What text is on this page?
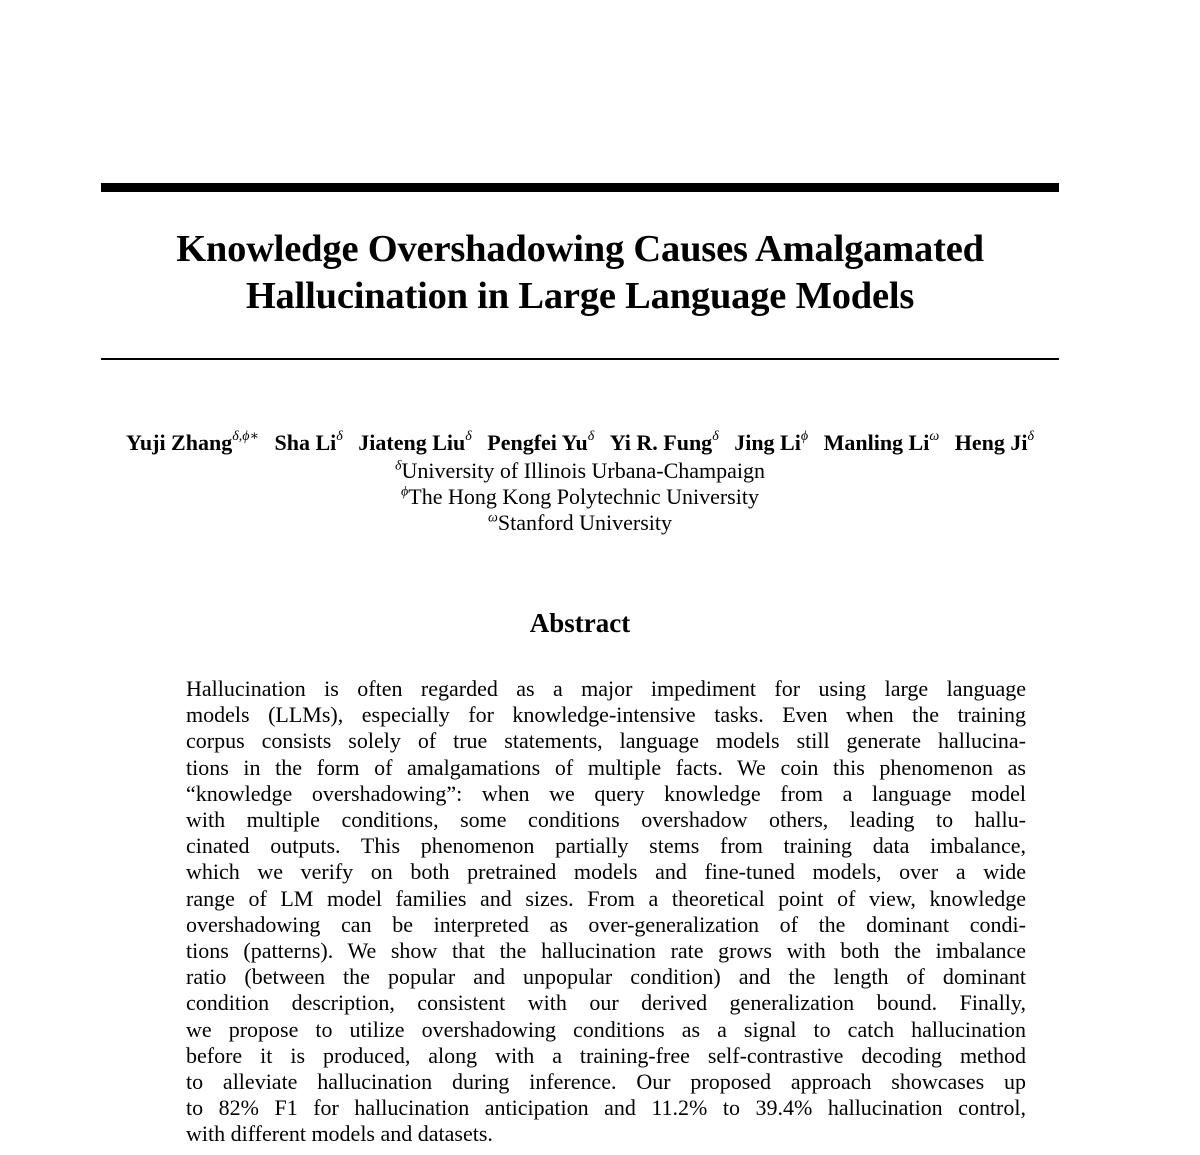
Knowledge Overshadowing Causes Amalgamated
Hallucination in Large Language Models
Yuji Zhang$^{\delta,\phi∗}$ Sha $Li^\delta$ Jiateng Liu$^\delta$ Pengfei $Yu^\delta$ Yi R. Fung$^\delta$ Jing $Li^\phi$ Manling $Li^\omega$ Heng $Ji^\delta$
$^\delta$University of Illinois Urbana-Champaign
$^\phi$The Hong Kong Polytechnic University
$^\omega$Stanford University
Abstract
Hallucination is often regarded as a major impediment for using large language
models (LLMs), especially for knowledge-intensive tasks. Even when the training
corpus consists solely of true statements, language models still generate hallucina-
tions in the form of amalgamations of multiple facts. We coin this phenomenon as
“knowledge overshadowing”: when we query knowledge from a language model
with multiple conditions, some conditions overshadow others, leading to hallu-
cinated outputs. This phenomenon partially stems from training data imbalance,
which we verify on both pretrained models and fine-tuned models, over a wide
range of LM model families and sizes. From a theoretical point of view, knowledge
overshadowing can be interpreted as over-generalization of the dominant condi-
tions (patterns). We show that the hallucination rate grows with both the imbalance
ratio (between the popular and unpopular condition) and the length of dominant
condition description, consistent with our derived generalization bound. Finally,
we propose to utilize overshadowing conditions as a signal to catch hallucination
before it is produced, along with a training-free self-contrastive decoding method
to alleviate hallucination during inference. Our proposed approach showcases up
to 82% F1 for hallucination anticipation and 11.2% to 39.4% hallucination control,
with different models and datasets.
